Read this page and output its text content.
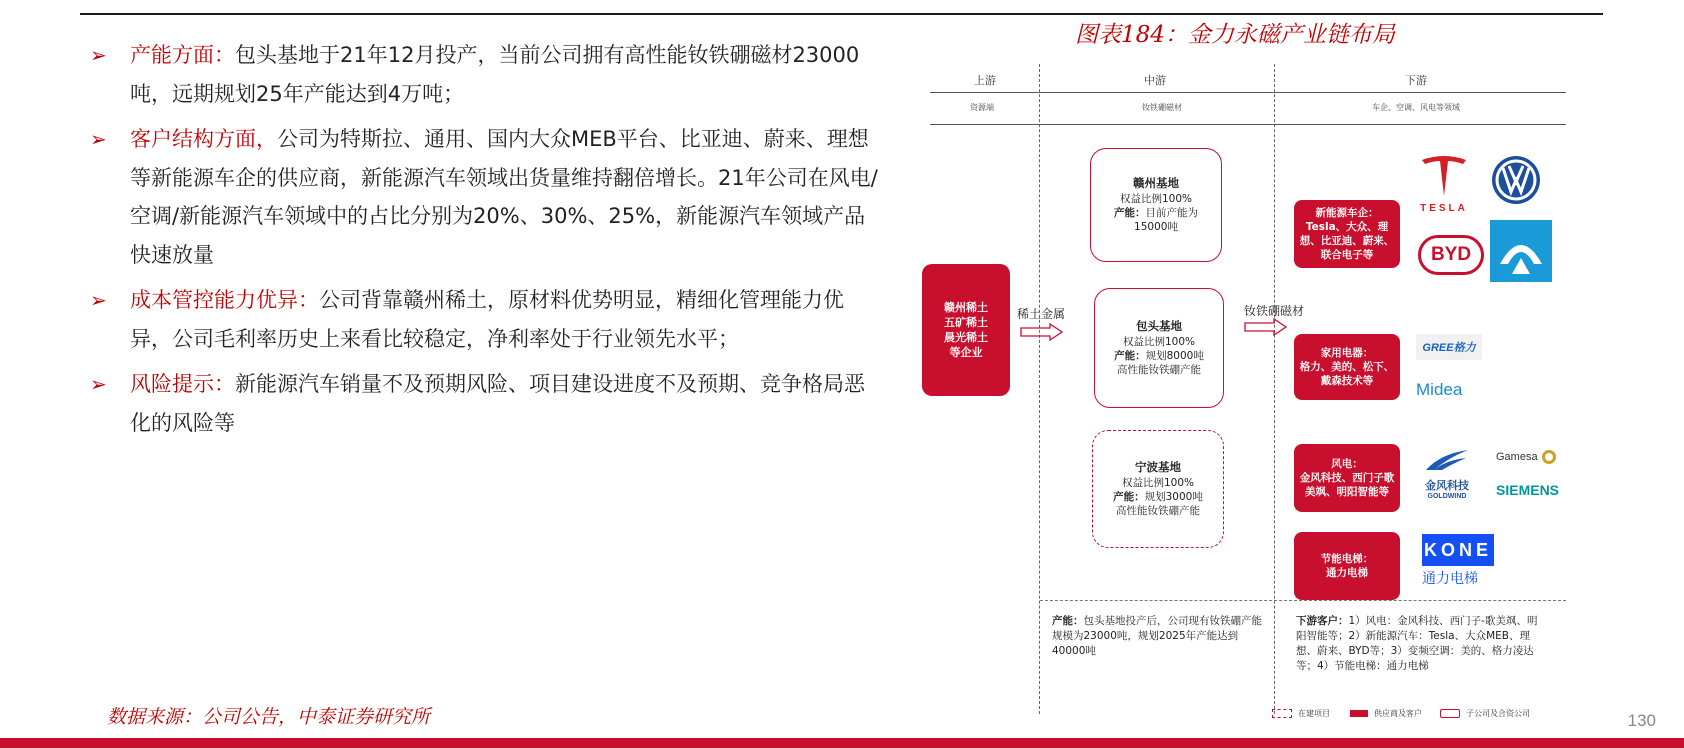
➢ 产能方面：包头基地于21年12月投产，当前公司拥有高性能钕铁硼磁材23000吨，远期规划25年产能达到4万吨；
➢ 客户结构方面，公司为特斯拉、通用、国内大众MEB平台、比亚迪、蔚来、理想等新能源车企的供应商，新能源汽车领域出货量维持翻倍增长。21年公司在风电/空调/新能源汽车领域中的占比分别为20%、30%、25%，新能源汽车领域产品快速放量
➢ 成本管控能力优异：公司背靠赣州稀土，原材料优势明显，精细化管理能力优异，公司毛利率历史上来看比较稳定，净利率处于行业领先水平；
➢ 风险提示：新能源汽车销量不及预期风险、项目建设进度不及预期、竞争格局恶化的风险等
图表184：金力永磁产业链布局
上游	中游	下游
资源端	钕铁硼磁材	车企、空调、风电等领域
赣州稀土
五矿稀土
晨光稀土
等企业
稀土金属
赣州基地
权益比例100%
产能：目前产能为15000吨
包头基地
权益比例100%
产能：规划8000吨高性能钕铁硼产能
宁波基地
权益比例100%
产能：规划3000吨高性能钕铁硼产能
钕铁硼磁材
新能源车企：
Tesla、大众、理想、比亚迪、蔚来、联合电子等
家用电器：
格力、美的、松下、戴森技术等
风电：
金风科技、西门子歌美飒、明阳智能等
节能电梯：
通力电梯
TESLA
BYD
GREE格力
Midea
金风科技
GOLDWIND
Gamesa
SIEMENS
KONE
通力电梯
产能：包头基地投产后，公司现有钕铁硼产能规模为23000吨，规划2025年产能达到40000吨
下游客户：1）风电：金风科技、西门子-歌美飒、明阳智能等；2）新能源汽车：Tesla、大众MEB、理想、蔚来、BYD等；3）变频空调：美的、格力凌达等；4）节能电梯：通力电梯
在建项目	供应商及客户	子公司及合资公司
数据来源：公司公告，中泰证券研究所	130
